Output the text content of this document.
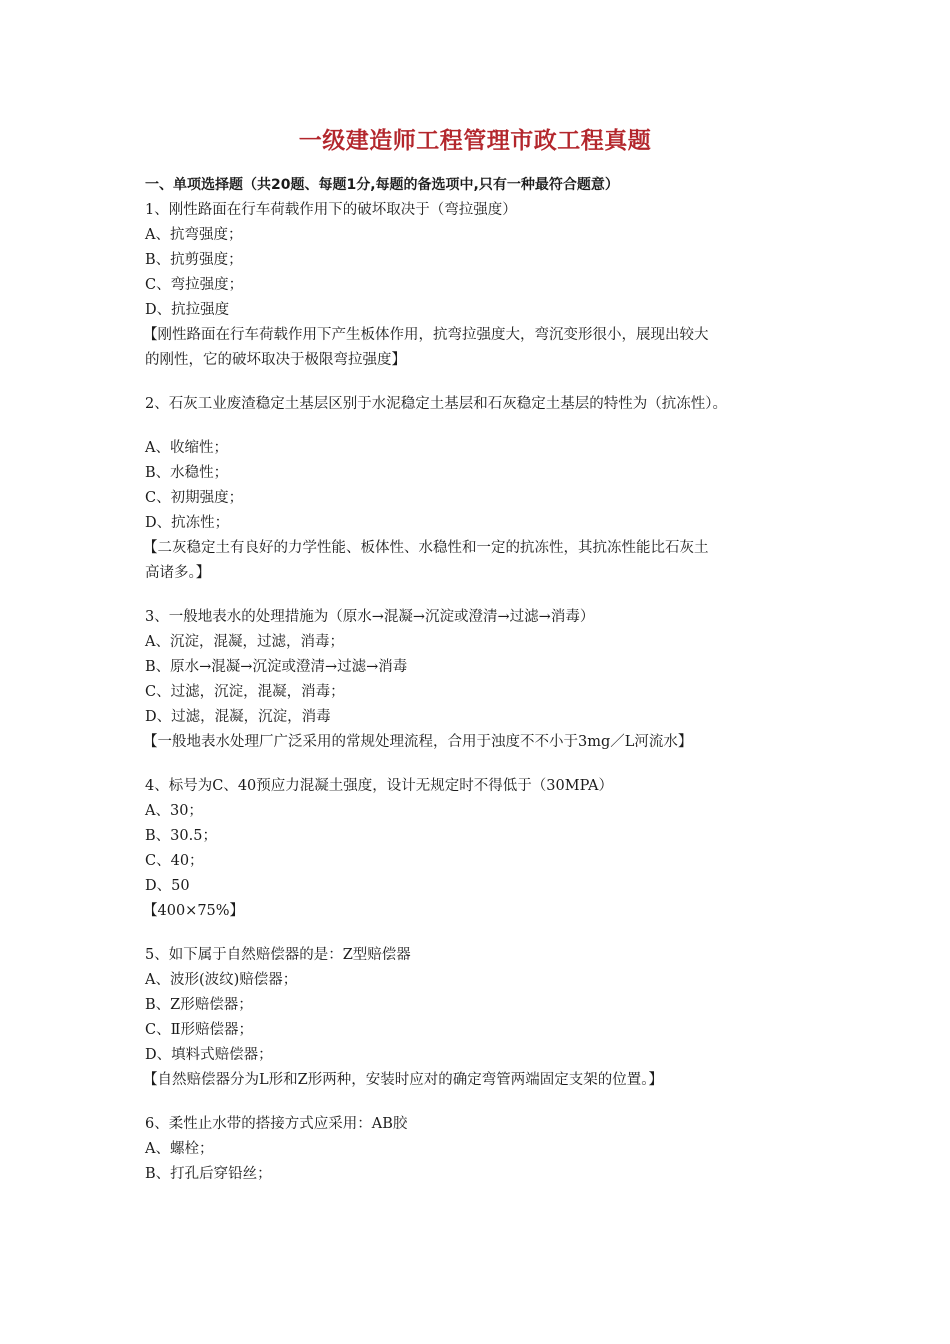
一级建造师工程管理市政工程真题
一、单项选择题（共20题、每题1分,每题的备选项中,只有一种最符合题意）
1、刚性路面在行车荷载作用下的破坏取决于（弯拉强度）
A、抗弯强度；
B、抗剪强度；
C、弯拉强度；
D、抗拉强度
【刚性路面在行车荷载作用下产生板体作用，抗弯拉强度大，弯沉变形很小，展现出较大
的刚性，它的破坏取决于极限弯拉强度】
2、石灰工业废渣稳定土基层区别于水泥稳定土基层和石灰稳定土基层的特性为（抗冻性）。
A、收缩性；
B、水稳性；
C、初期强度；
D、抗冻性；
【二灰稳定土有良好的力学性能、板体性、水稳性和一定的抗冻性，其抗冻性能比石灰土
高诸多。】
3、一般地表水的处理措施为（原水→混凝→沉淀或澄清→过滤→消毒）
A、沉淀，混凝，过滤，消毒；
B、原水→混凝→沉淀或澄清→过滤→消毒
C、过滤，沉淀，混凝，消毒；
D、过滤，混凝，沉淀，消毒
【一般地表水处理厂广泛采用的常规处理流程，合用于浊度不不小于3mg／L河流水】
4、标号为C、40预应力混凝土强度，设计无规定时不得低于（30MPA）
A、30；
B、30.5；
C、40；
D、50
【400×75%】
5、如下属于自然赔偿器的是：Z型赔偿器
A、波形(波纹)赔偿器；
B、Z形赔偿器；
C、Ⅱ形赔偿器；
D、填料式赔偿器；
【自然赔偿器分为L形和Z形两种，安装时应对的确定弯管两端固定支架的位置。】
6、柔性止水带的搭接方式应采用：AB胶
A、螺栓；
B、打孔后穿铅丝；
